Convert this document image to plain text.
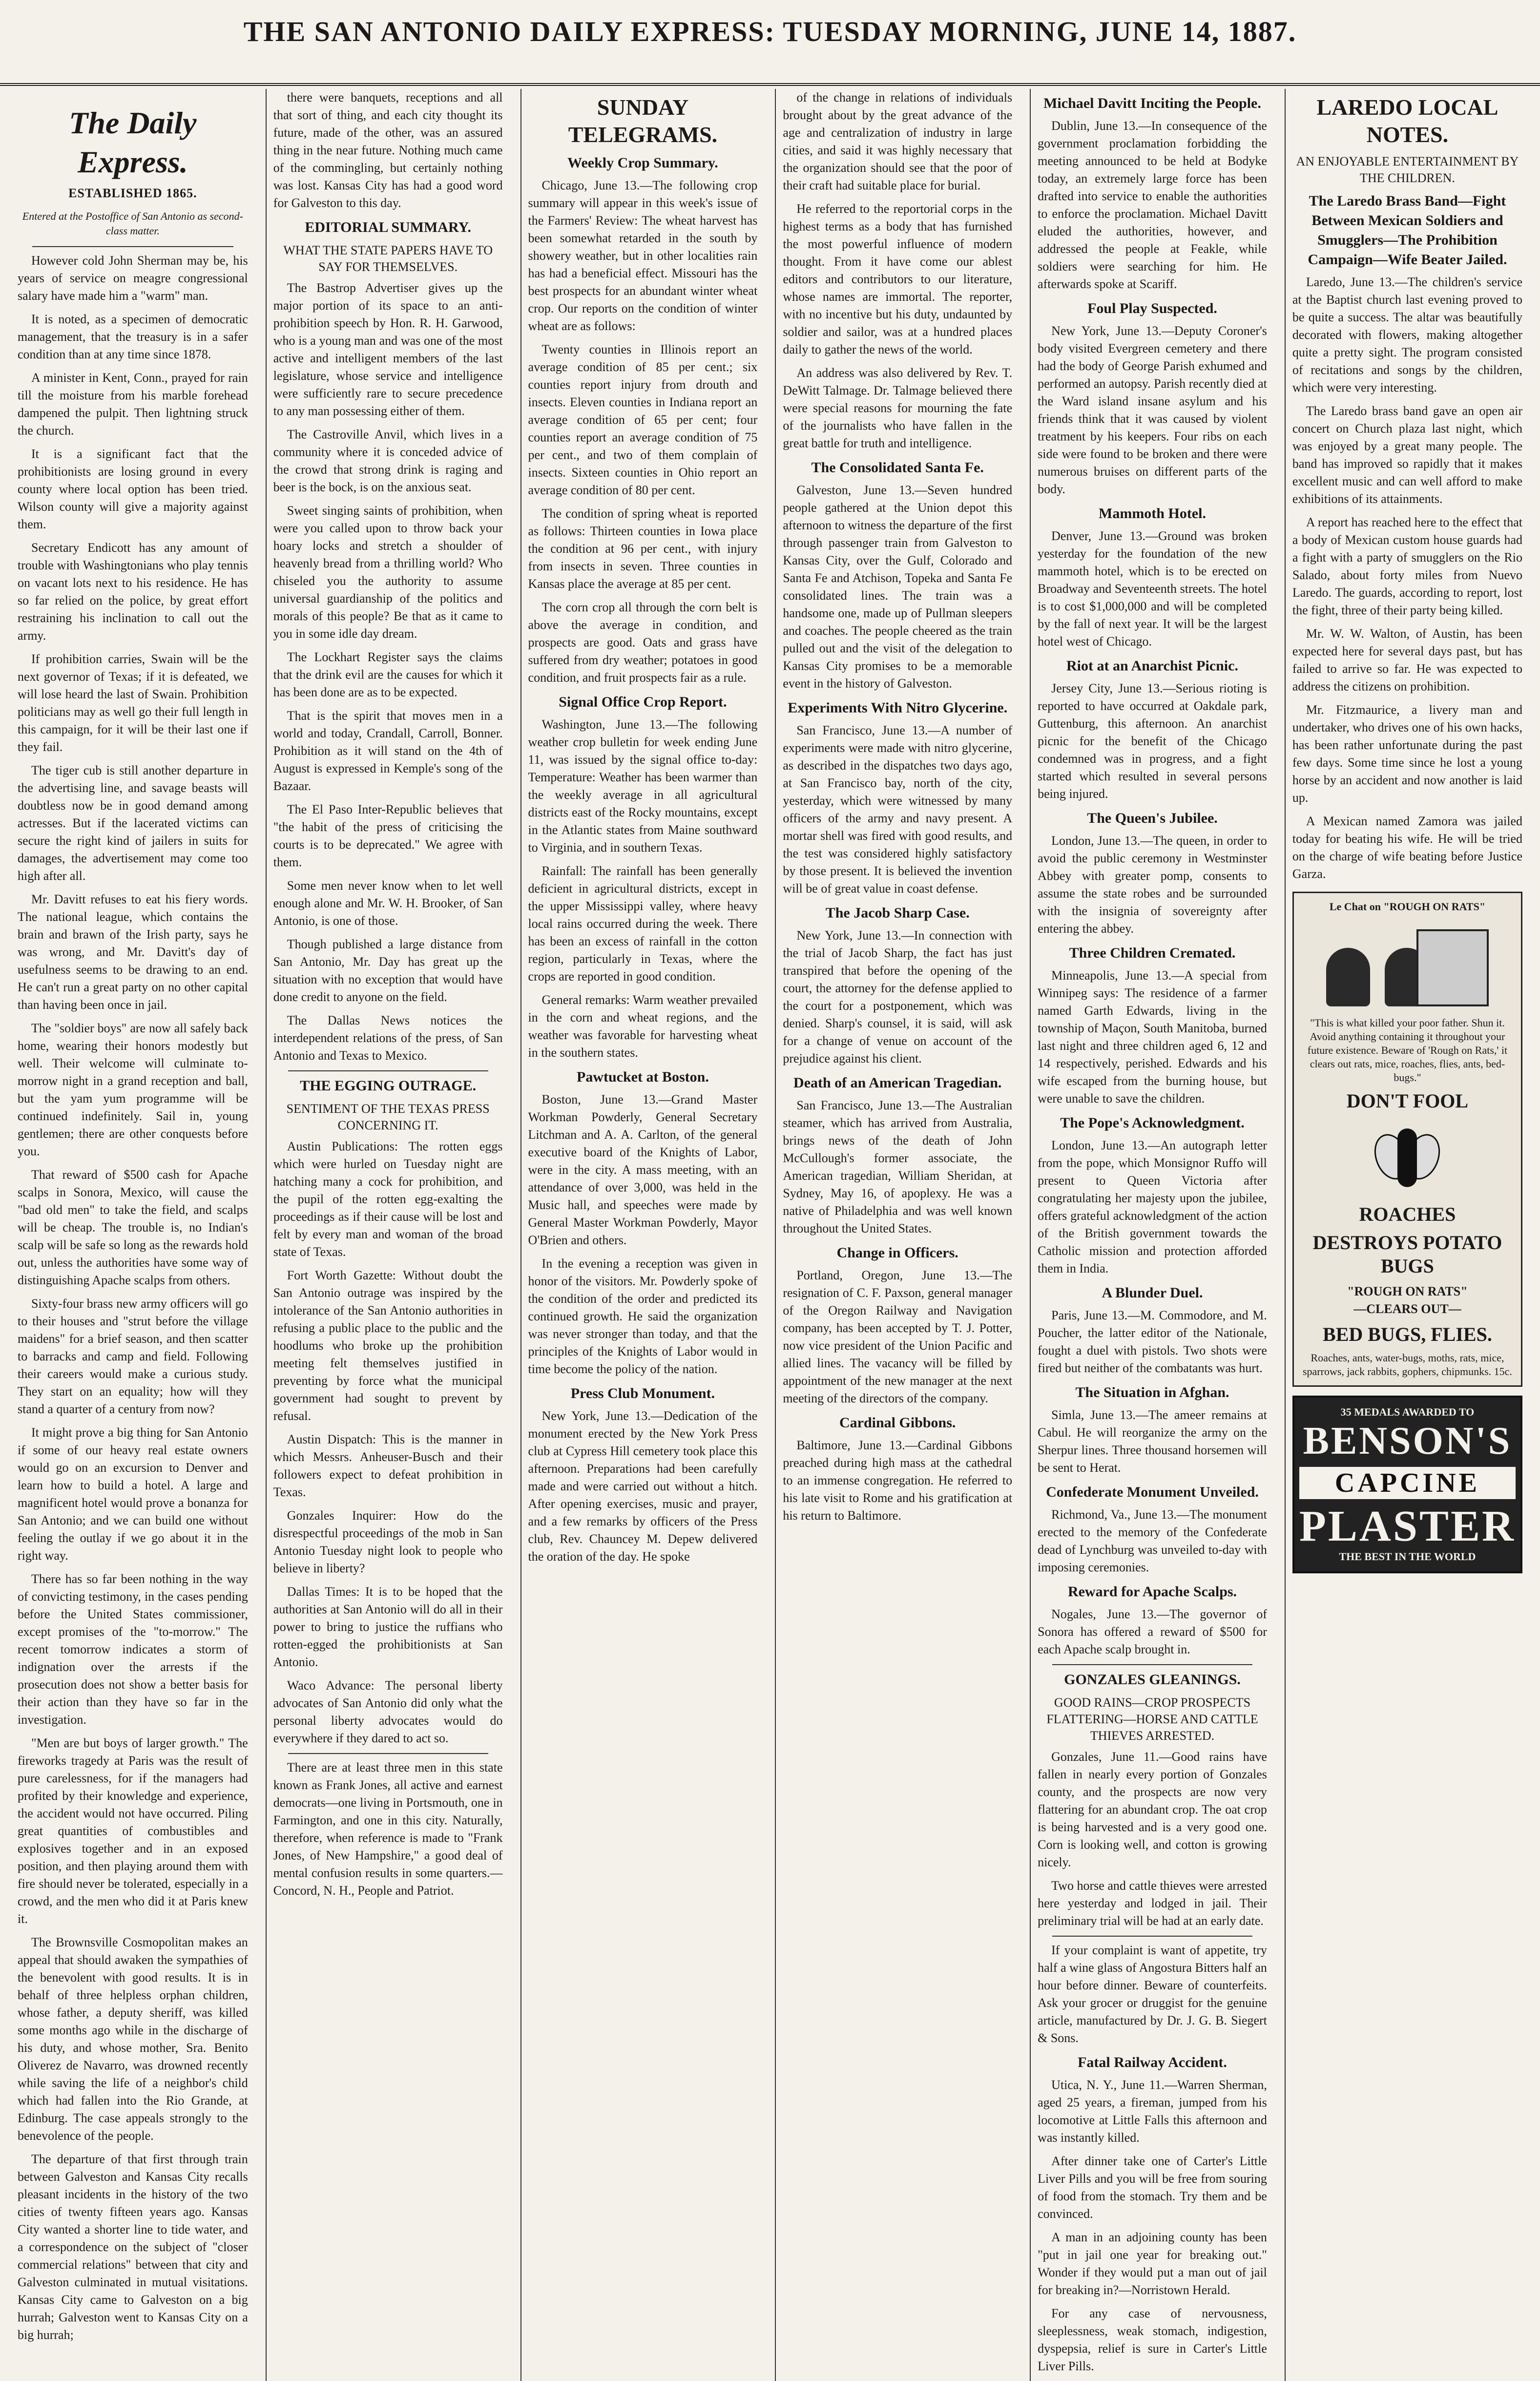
THE SAN ANTONIO DAILY EXPRESS: TUESDAY MORNING, JUNE 14, 1887.
The Daily Express.
ESTABLISHED 1865.
Entered at the Postoffice of San Antonio as second-class matter.

However cold John Sherman may be, his years of service on meagre congressional salary have made him a "warm" man.

It is noted, as a specimen of democratic management, that the treasury is in a safer condition than at any time since 1878.

A minister in Kent, Conn., prayed for rain till the moisture from his marble forehead dampened the pulpit. Then lightning struck the church.

It is a significant fact that the prohibitionists are losing ground in every county where local option has been tried. Wilson county will give a majority against them.

Secretary Endicott has any amount of trouble with Washingtonians who play tennis on vacant lots next to his residence. He has so far relied on the police, by great effort restraining his inclination to call out the army.

If prohibition carries, Swain will be the next governor of Texas; if it is defeated, we will lose heard the last of Swain. Prohibition politicians may as well go their full length in this campaign, for it will be their last one if they fail.

The tiger cub is still another departure in the advertising line, and savage beasts will doubtless now be in good demand among actresses. But if the lacerated victims can secure the right kind of jailers in suits for damages, the advertisement may come too high after all.

Mr. Davitt refuses to eat his fiery words. The national league, which contains the brain and brawn of the Irish party, says he was wrong, and Mr. Davitt's day of usefulness seems to be drawing to an end. He can't run a great party on no other capital than having been once in jail.

The "soldier boys" are now all safely back home, wearing their honors modestly but well. Their welcome will culminate to-morrow night in a grand reception and ball, but the yam yum programme will be continued indefinitely. Sail in, young gentlemen; there are other conquests before you.

That reward of $500 cash for Apache scalps in Sonora, Mexico, will cause the "bad old men" to take the field, and scalps will be cheap. The trouble is, no Indian's scalp will be safe so long as the rewards hold out, unless the authorities have some way of distinguishing Apache scalps from others.

Sixty-four brass new army officers will go to their houses and "strut before the village maidens" for a brief season, and then scatter to barracks and camp and field. Following their careers would make a curious study. They start on an equality; how will they stand a quarter of a century from now?

It might prove a big thing for San Antonio if some of our heavy real estate owners would go on an excursion to Denver and learn how to build a hotel. A large and magnificent hotel would prove a bonanza for San Antonio; and we can build one without feeling the outlay if we go about it in the right way.

There has so far been nothing in the way of convicting testimony, in the cases pending before the United States commissioner, except promises of the "to-morrow." The recent tomorrow indicates a storm of indignation over the arrests if the prosecution does not show a better basis for their action than they have so far in the investigation.

"Men are but boys of larger growth." The fireworks tragedy at Paris was the result of pure carelessness, for if the managers had profited by their knowledge and experience, the accident would not have occurred. Piling great quantities of combustibles and explosives together and in an exposed position, and then playing around them with fire should never be tolerated, especially in a crowd, and the men who did it at Paris knew it.

The Brownsville Cosmopolitan makes an appeal that should awaken the sympathies of the benevolent with good results. It is in behalf of three helpless orphan children, whose father, a deputy sheriff, was killed some months ago while in the discharge of his duty, and whose mother, Sra. Benito Oliverez de Navarro, was drowned recently while saving the life of a neighbor's child which had fallen into the Rio Grande, at Edinburg. The case appeals strongly to the benevolence of the people.

The departure of that first through train between Galveston and Kansas City recalls pleasant incidents in the history of the two cities of twenty fifteen years ago. Kansas City wanted a shorter line to tide water, and a correspondence on the subject of "closer commercial relations" between that city and Galveston culminated in mutual visitations. Kansas City came to Galveston on a big hurrah; Galveston went to Kansas City on a big hurrah;

there were banquets, receptions and all that sort of thing, and each city thought its future, made of the other, was an assured thing in the near future. Nothing much came of the commingling, but certainly nothing was lost. Kansas City has had a good word for Galveston to this day.

EDITORIAL SUMMARY.
WHAT THE STATE PAPERS HAVE TO SAY FOR THEMSELVES.

The Bastrop Advertiser gives up the major portion of its space to an anti-prohibition speech by Hon. R. H. Garwood, who is a young man and was one of the most active and intelligent members of the last legislature, whose service and intelligence were sufficiently rare to secure precedence to any man possessing either of them.

The Castroville Anvil, which lives in a community where it is conceded advice of the crowd that strong drink is raging and beer is the bock, is on the anxious seat.

Sweet singing saints of prohibition, when were you called upon to throw back your hoary locks and stretch a shoulder of heavenly bread from a thrilling world? Who chiseled you the authority to assume universal guardianship of the politics and morals of this people? Be that as it came to you in some idle day dream.

The Lockhart Register says the claims that the drink evil are the causes for which it has been done are as to be expected.

That is the spirit that moves men in a world and today, Crandall, Carroll, Bonner. Prohibition as it will stand on the 4th of August is expressed in Kemple's song of the Bazaar.

The El Paso Inter-Republic believes that "the habit of the press of criticising the courts is to be deprecated." We agree with them.

Some men never know when to let well enough alone and Mr. W. H. Brooker, of San Antonio, is one of those.

Though published a large distance from San Antonio, Mr. Day has great up the situation with no exception that would have done credit to anyone on the field.

The Dallas News notices the interdependent relations of the press, of San Antonio and Texas to Mexico.

THE EGGING OUTRAGE.
SENTIMENT OF THE TEXAS PRESS CONCERNING IT.

Austin Publications: The rotten eggs which were hurled on Tuesday night are hatching many a cock for prohibition, and the pupil of the rotten egg-exalting the proceedings as if their cause will be lost and felt by every man and woman of the broad state of Texas.

Fort Worth Gazette: Without doubt the San Antonio outrage was inspired by the intolerance of the San Antonio authorities in refusing a public place to the public and the hoodlums who broke up the prohibition meeting felt themselves justified in preventing by force what the municipal government had sought to prevent by refusal.

Austin Dispatch: This is the manner in which Messrs. Anheuser-Busch and their followers expect to defeat prohibition in Texas.

Gonzales Inquirer: How do the disrespectful proceedings of the mob in San Antonio Tuesday night look to people who believe in liberty?

Dallas Times: It is to be hoped that the authorities at San Antonio will do all in their power to bring to justice the ruffians who rotten-egged the prohibitionists at San Antonio.

Waco Advance: The personal liberty advocates of San Antonio did only what the personal liberty advocates would do everywhere if they dared to act so.

There are at least three men in this state known as Frank Jones, all active and earnest democrats—one living in Portsmouth, one in Farmington, and one in this city. Naturally, therefore, when reference is made to "Frank Jones, of New Hampshire," a good deal of mental confusion results in some quarters.—Concord, N. H., People and Patriot.

SUNDAY TELEGRAMS.
Weekly Crop Summary.

Chicago, June 13.—The following crop summary will appear in this week's issue of the Farmers' Review: The wheat harvest has been somewhat retarded in the south by showery weather, but in other localities rain has had a beneficial effect. Missouri has the best prospects for an abundant winter wheat crop. Our reports on the condition of winter wheat are as follows:

Twenty counties in Illinois report an average condition of 85 per cent.; six counties report injury from drouth and insects. Eleven counties in Indiana report an average condition of 65 per cent; four counties report an average condition of 75 per cent., and two of them complain of insects. Sixteen counties in Ohio report an average condition of 80 per cent.

The condition of spring wheat is reported as follows: Thirteen counties in Iowa place the condition at 96 per cent., with injury from insects in seven. Three counties in Kansas place the average at 85 per cent.

The corn crop all through the corn belt is above the average in condition, and prospects are good. Oats and grass have suffered from dry weather; potatoes in good condition, and fruit prospects fair as a rule.

Signal Office Crop Report.

Washington, June 13.—The following weather crop bulletin for week ending June 11, was issued by the signal office to-day: Temperature: Weather has been warmer than the weekly average in all agricultural districts east of the Rocky mountains, except in the Atlantic states from Maine southward to Virginia, and in southern Texas.

Rainfall: The rainfall has been generally deficient in agricultural districts, except in the upper Mississippi valley, where heavy local rains occurred during the week. There has been an excess of rainfall in the cotton region, particularly in Texas, where the crops are reported in good condition.

General remarks: Warm weather prevailed in the corn and wheat regions, and the weather was favorable for harvesting wheat in the southern states.

Pawtucket at Boston.

Boston, June 13.—Grand Master Workman Powderly, General Secretary Litchman and A. A. Carlton, of the general executive board of the Knights of Labor, were in the city. A mass meeting, with an attendance of over 3,000, was held in the Music hall, and speeches were made by General Master Workman Powderly, Mayor O'Brien and others.

In the evening a reception was given in honor of the visitors. Mr. Powderly spoke of the condition of the order and predicted its continued growth. He said the organization was never stronger than today, and that the principles of the Knights of Labor would in time become the policy of the nation.

Press Club Monument.

New York, June 13.—Dedication of the monument erected by the New York Press club at Cypress Hill cemetery took place this afternoon. Preparations had been carefully made and were carried out without a hitch. After opening exercises, music and prayer, and a few remarks by officers of the Press club, Rev. Chauncey M. Depew delivered the oration of the day. He spoke

of the change in relations of individuals brought about by the great advance of the age and centralization of industry in large cities, and said it was highly necessary that the organization should see that the poor of their craft had suitable place for burial.

He referred to the reportorial corps in the highest terms as a body that has furnished the most powerful influence of modern thought. From it have come our ablest editors and contributors to our literature, whose names are immortal. The reporter, with no incentive but his duty, undaunted by soldier and sailor, was at a hundred places daily to gather the news of the world.

An address was also delivered by Rev. T. DeWitt Talmage. Dr. Talmage believed there were special reasons for mourning the fate of the journalists who have fallen in the great battle for truth and intelligence.

The Consolidated Santa Fe.

Galveston, June 13.—Seven hundred people gathered at the Union depot this afternoon to witness the departure of the first through passenger train from Galveston to Kansas City, over the Gulf, Colorado and Santa Fe and Atchison, Topeka and Santa Fe consolidated lines. The train was a handsome one, made up of Pullman sleepers and coaches. The people cheered as the train pulled out and the visit of the delegation to Kansas City promises to be a memorable event in the history of Galveston.

Experiments With Nitro Glycerine.

San Francisco, June 13.—A number of experiments were made with nitro glycerine, as described in the dispatches two days ago, at San Francisco bay, north of the city, yesterday, which were witnessed by many officers of the army and navy present. A mortar shell was fired with good results, and the test was considered highly satisfactory by those present. It is believed the invention will be of great value in coast defense.

The Jacob Sharp Case.

New York, June 13.—In connection with the trial of Jacob Sharp, the fact has just transpired that before the opening of the court, the attorney for the defense applied to the court for a postponement, which was denied. Sharp's counsel, it is said, will ask for a change of venue on account of the prejudice against his client.

Death of an American Tragedian.

San Francisco, June 13.—The Australian steamer, which has arrived from Australia, brings news of the death of John McCullough's former associate, the American tragedian, William Sheridan, at Sydney, May 16, of apoplexy. He was a native of Philadelphia and was well known throughout the United States.

Change in Officers.

Portland, Oregon, June 13.—The resignation of C. F. Paxson, general manager of the Oregon Railway and Navigation company, has been accepted by T. J. Potter, now vice president of the Union Pacific and allied lines. The vacancy will be filled by appointment of the new manager at the next meeting of the directors of the company.

Cardinal Gibbons.

Baltimore, June 13.—Cardinal Gibbons preached during high mass at the cathedral to an immense congregation. He referred to his late visit to Rome and his gratification at his return to Baltimore.

Michael Davitt Inciting the People.

Dublin, June 13.—In consequence of the government proclamation forbidding the meeting announced to be held at Bodyke today, an extremely large force has been drafted into service to enable the authorities to enforce the proclamation. Michael Davitt eluded the authorities, however, and addressed the people at Feakle, while soldiers were searching for him. He afterwards spoke at Scariff.

Foul Play Suspected.

New York, June 13.—Deputy Coroner's body visited Evergreen cemetery and there had the body of George Parish exhumed and performed an autopsy. Parish recently died at the Ward island insane asylum and his friends think that it was caused by violent treatment by his keepers. Four ribs on each side were found to be broken and there were numerous bruises on different parts of the body.

Mammoth Hotel.

Denver, June 13.—Ground was broken yesterday for the foundation of the new mammoth hotel, which is to be erected on Broadway and Seventeenth streets. The hotel is to cost $1,000,000 and will be completed by the fall of next year. It will be the largest hotel west of Chicago.

Riot at an Anarchist Picnic.

Jersey City, June 13.—Serious rioting is reported to have occurred at Oakdale park, Guttenburg, this afternoon. An anarchist picnic for the benefit of the Chicago condemned was in progress, and a fight started which resulted in several persons being injured.

The Queen's Jubilee.

London, June 13.—The queen, in order to avoid the public ceremony in Westminster Abbey with greater pomp, consents to assume the state robes and be surrounded with the insignia of sovereignty after entering the abbey.

Three Children Cremated.

Minneapolis, June 13.—A special from Winnipeg says: The residence of a farmer named Garth Edwards, living in the township of Maçon, South Manitoba, burned last night and three children aged 6, 12 and 14 respectively, perished. Edwards and his wife escaped from the burning house, but were unable to save the children.

The Pope's Acknowledgment.

London, June 13.—An autograph letter from the pope, which Monsignor Ruffo will present to Queen Victoria after congratulating her majesty upon the jubilee, offers grateful acknowledgment of the action of the British government towards the Catholic mission and protection afforded them in India.

A Blunder Duel.

Paris, June 13.—M. Commodore, and M. Poucher, the latter editor of the Nationale, fought a duel with pistols. Two shots were fired but neither of the combatants was hurt.

The Situation in Afghan.

Simla, June 13.—The ameer remains at Cabul. He will reorganize the army on the Sherpur lines. Three thousand horsemen will be sent to Herat.

Confederate Monument Unveiled.

Richmond, Va., June 13.—The monument erected to the memory of the Confederate dead of Lynchburg was unveiled to-day with imposing ceremonies.

Reward for Apache Scalps.

Nogales, June 13.—The governor of Sonora has offered a reward of $500 for each Apache scalp brought in.

GONZALES GLEANINGS.
GOOD RAINS—CROP PROSPECTS FLATTERING—HORSE AND CATTLE THIEVES ARRESTED.

Gonzales, June 11.—Good rains have fallen in nearly every portion of Gonzales county, and the prospects are now very flattering for an abundant crop. The oat crop is being harvested and is a very good one. Corn is looking well, and cotton is growing nicely.

Two horse and cattle thieves were arrested here yesterday and lodged in jail. Their preliminary trial will be had at an early date.

If your complaint is want of appetite, try half a wine glass of Angostura Bitters half an hour before dinner. Beware of counterfeits. Ask your grocer or druggist for the genuine article, manufactured by Dr. J. G. B. Siegert & Sons.

Fatal Railway Accident.

Utica, N. Y., June 11.—Warren Sherman, aged 25 years, a fireman, jumped from his locomotive at Little Falls this afternoon and was instantly killed.

After dinner take one of Carter's Little Liver Pills and you will be free from souring of food from the stomach. Try them and be convinced.

A man in an adjoining county has been "put in jail one year for breaking out." Wonder if they would put a man out of jail for breaking in?—Norristown Herald.

For any case of nervousness, sleeplessness, weak stomach, indigestion, dyspepsia, relief is sure in Carter's Little Liver Pills.

LAREDO LOCAL NOTES.
AN ENJOYABLE ENTERTAINMENT BY THE CHILDREN.
The Laredo Brass Band—Fight Between Mexican Soldiers and Smugglers—The Prohibition Campaign—Wife Beater Jailed.

Laredo, June 13.—The children's service at the Baptist church last evening proved to be quite a success. The altar was beautifully decorated with flowers, making altogether quite a pretty sight. The program consisted of recitations and songs by the children, which were very interesting.

The Laredo brass band gave an open air concert on Church plaza last night, which was enjoyed by a great many people. The band has improved so rapidly that it makes excellent music and can well afford to make exhibitions of its attainments.

A report has reached here to the effect that a body of Mexican custom house guards had a fight with a party of smugglers on the Rio Salado, about forty miles from Nuevo Laredo. The guards, according to report, lost the fight, three of their party being killed.

Mr. W. W. Walton, of Austin, has been expected here for several days past, but has failed to arrive so far. He was expected to address the citizens on prohibition.

Mr. Fitzmaurice, a livery man and undertaker, who drives one of his own hacks, has been rather unfortunate during the past few days. Some time since he lost a young horse by an accident and now another is laid up.

A Mexican named Zamora was jailed today for beating his wife. He will be tried on the charge of wife beating before Justice Garza.

Le Chat on "ROUGH ON RATS"
"This is what killed your poor father. Shun it. Avoid anything containing it throughout your future existence. Beware of 'Rough on Rats,' it clears out rats, mice, roaches, flies, ants, bed-bugs."
DON'T FOOL
ROACHES
DESTROYS POTATO BUGS
"ROUGH ON RATS"
—CLEARS OUT—
BED BUGS, FLIES.
Roaches, ants, water-bugs, moths, rats, mice, sparrows, jack rabbits, gophers, chipmunks. 15c.
35 MEDALS AWARDED TO
BENSON'S
CAPCINE
PLASTER
THE BEST IN THE WORLD
